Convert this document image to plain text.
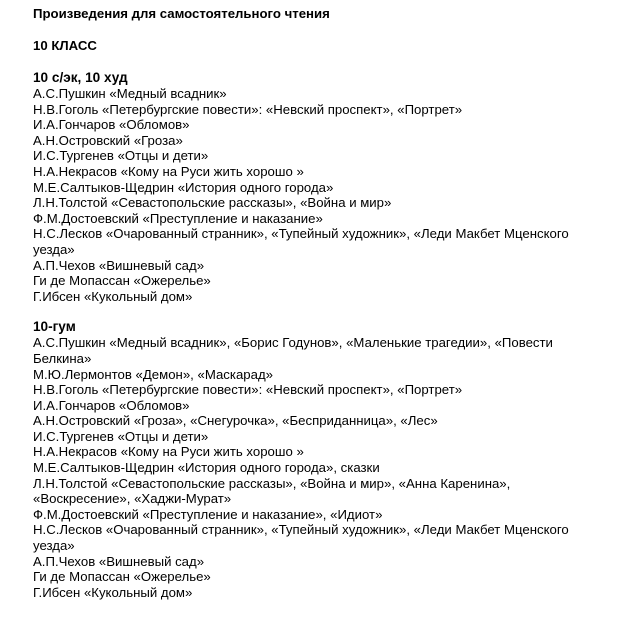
Произведения для самостоятельного чтения
10 КЛАСС
10 с/эк, 10 худ
А.С.Пушкин «Медный всадник»
Н.В.Гоголь «Петербургские повести»: «Невский проспект», «Портрет»
И.А.Гончаров «Обломов»
А.Н.Островский «Гроза»
И.С.Тургенев «Отцы и дети»
Н.А.Некрасов «Кому на Руси жить хорошо »
М.Е.Салтыков-Щедрин «История одного города»
Л.Н.Толстой «Севастопольские рассказы», «Война и мир»
Ф.М.Достоевский «Преступление и наказание»
Н.С.Лесков «Очарованный странник», «Тупейный художник», «Леди Макбет Мценского уезда»
А.П.Чехов «Вишневый сад»
Ги де Мопассан «Ожерелье»
Г.Ибсен «Кукольный дом»
10-гум
А.С.Пушкин «Медный всадник», «Борис Годунов», «Маленькие трагедии», «Повести Белкина»
М.Ю.Лермонтов «Демон», «Маскарад»
Н.В.Гоголь «Петербургские повести»: «Невский проспект», «Портрет»
И.А.Гончаров «Обломов»
А.Н.Островский «Гроза», «Снегурочка», «Бесприданница», «Лес»
И.С.Тургенев «Отцы и дети»
Н.А.Некрасов «Кому на Руси жить хорошо »
М.Е.Салтыков-Щедрин «История одного города», сказки
Л.Н.Толстой «Севастопольские рассказы», «Война и мир», «Анна Каренина», «Воскресение», «Хаджи-Мурат»
Ф.М.Достоевский «Преступление и наказание», «Идиот»
Н.С.Лесков «Очарованный странник», «Тупейный художник», «Леди Макбет Мценского уезда»
А.П.Чехов «Вишневый сад»
Ги де Мопассан «Ожерелье»
Г.Ибсен «Кукольный дом»
